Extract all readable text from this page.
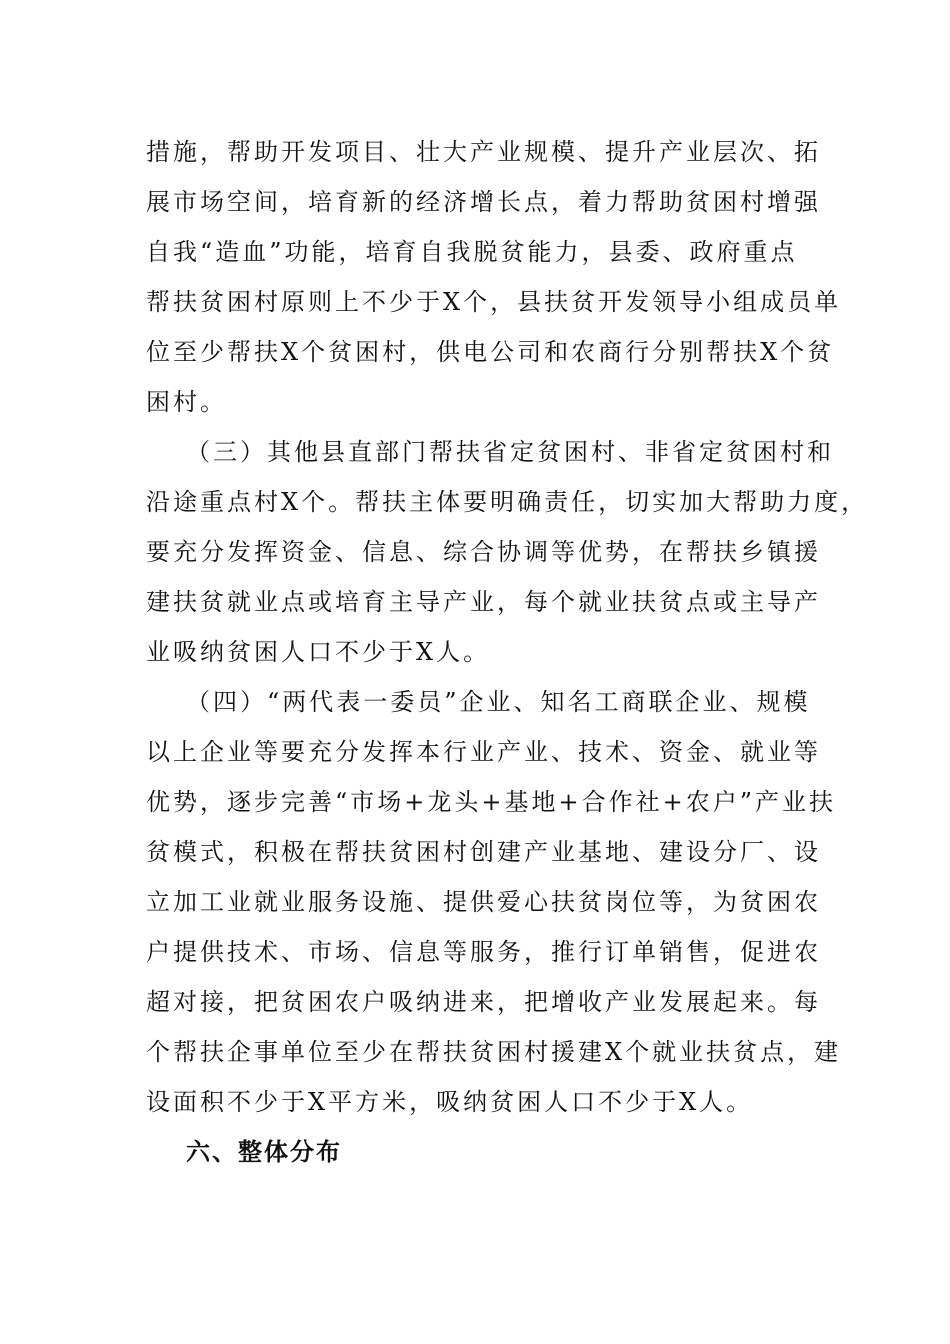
措施，帮助开发项目、壮大产业规模、提升产业层次、拓
展市场空间，培育新的经济增长点，着力帮助贫困村增强
自我“造血”功能，培育自我脱贫能力，县委、政府重点
帮扶贫困村原则上不少于X个，县扶贫开发领导小组成员单
位至少帮扶X个贫困村，供电公司和农商行分别帮扶X个贫
困村。
（三）其他县直部门帮扶省定贫困村、非省定贫困村和
沿途重点村X个。帮扶主体要明确责任，切实加大帮助力度，
要充分发挥资金、信息、综合协调等优势，在帮扶乡镇援
建扶贫就业点或培育主导产业，每个就业扶贫点或主导产
业吸纳贫困人口不少于X人。
（四）“两代表一委员”企业、知名工商联企业、规模
以上企业等要充分发挥本行业产业、技术、资金、就业等
优势，逐步完善“市场+龙头+基地+合作社+农户”产业扶
贫模式，积极在帮扶贫困村创建产业基地、建设分厂、设
立加工业就业服务设施、提供爱心扶贫岗位等，为贫困农
户提供技术、市场、信息等服务，推行订单销售，促进农
超对接，把贫困农户吸纳进来，把增收产业发展起来。每
个帮扶企事单位至少在帮扶贫困村援建X个就业扶贫点，建
设面积不少于X平方米，吸纳贫困人口不少于X人。
六、整体分布
